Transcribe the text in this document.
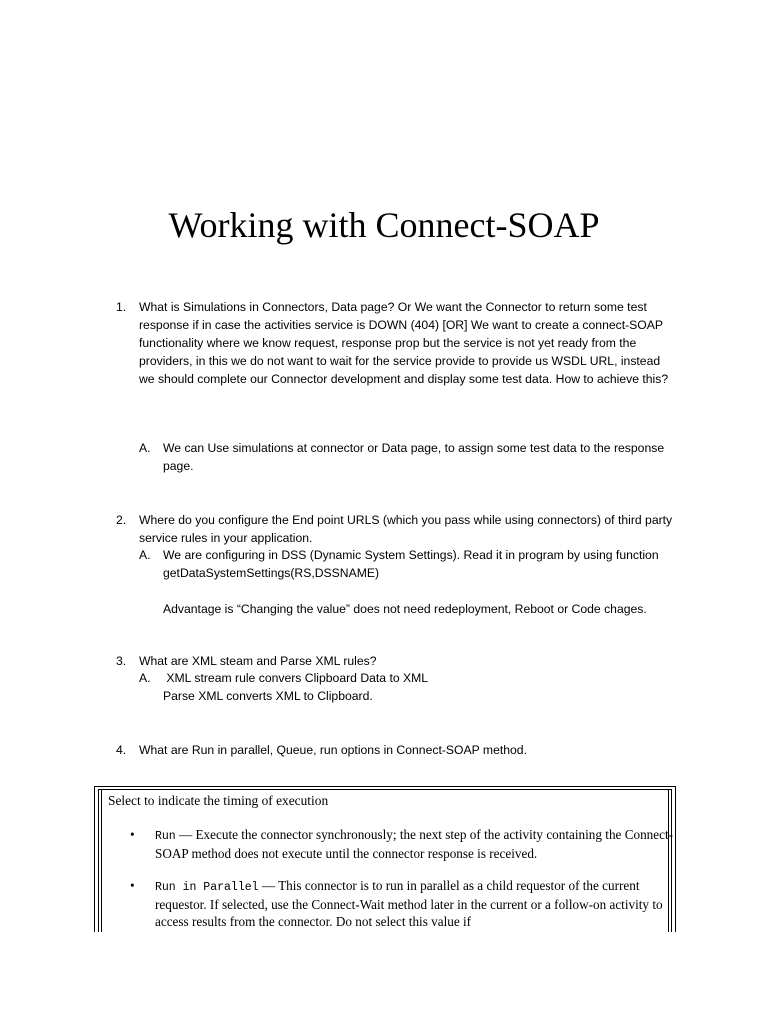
Working with Connect-SOAP
1.	What is Simulations in Connectors, Data page? Or We want the Connector to return some test response if in case the activities service is DOWN (404) [OR] We want to create a connect-SOAP functionality where we know request, response prop but the service is not yet ready from the providers, in this we do not want to wait for the service provide to provide us WSDL URL, instead we should complete our Connector development and display some test data. How to achieve this?
A. We can Use simulations at connector or Data page, to assign some test data to the response page.
2.	Where do you configure the End point URLS (which you pass while using connectors) of third party service rules in your application.
A. We are configuring in DSS (Dynamic System Settings). Read it in program by using function getDataSystemSettings(RS,DSSNAME)
Advantage is “Changing the value” does not need redeployment, Reboot or Code chages.
3.	What are XML steam and Parse XML rules?
A. XML stream rule convers Clipboard Data to XML
Parse XML converts XML to Clipboard.
4.	What are Run in parallel, Queue, run options in Connect-SOAP method.
Select to indicate the timing of execution
• Run — Execute the connector synchronously; the next step of the activity containing the Connect-SOAP method does not execute until the connector response is received.
• Run in Parallel — This connector is to run in parallel as a child requestor of the current requestor. If selected, use the Connect-Wait method later in the current or a follow-on activity to access results from the connector. Do not select this value if
